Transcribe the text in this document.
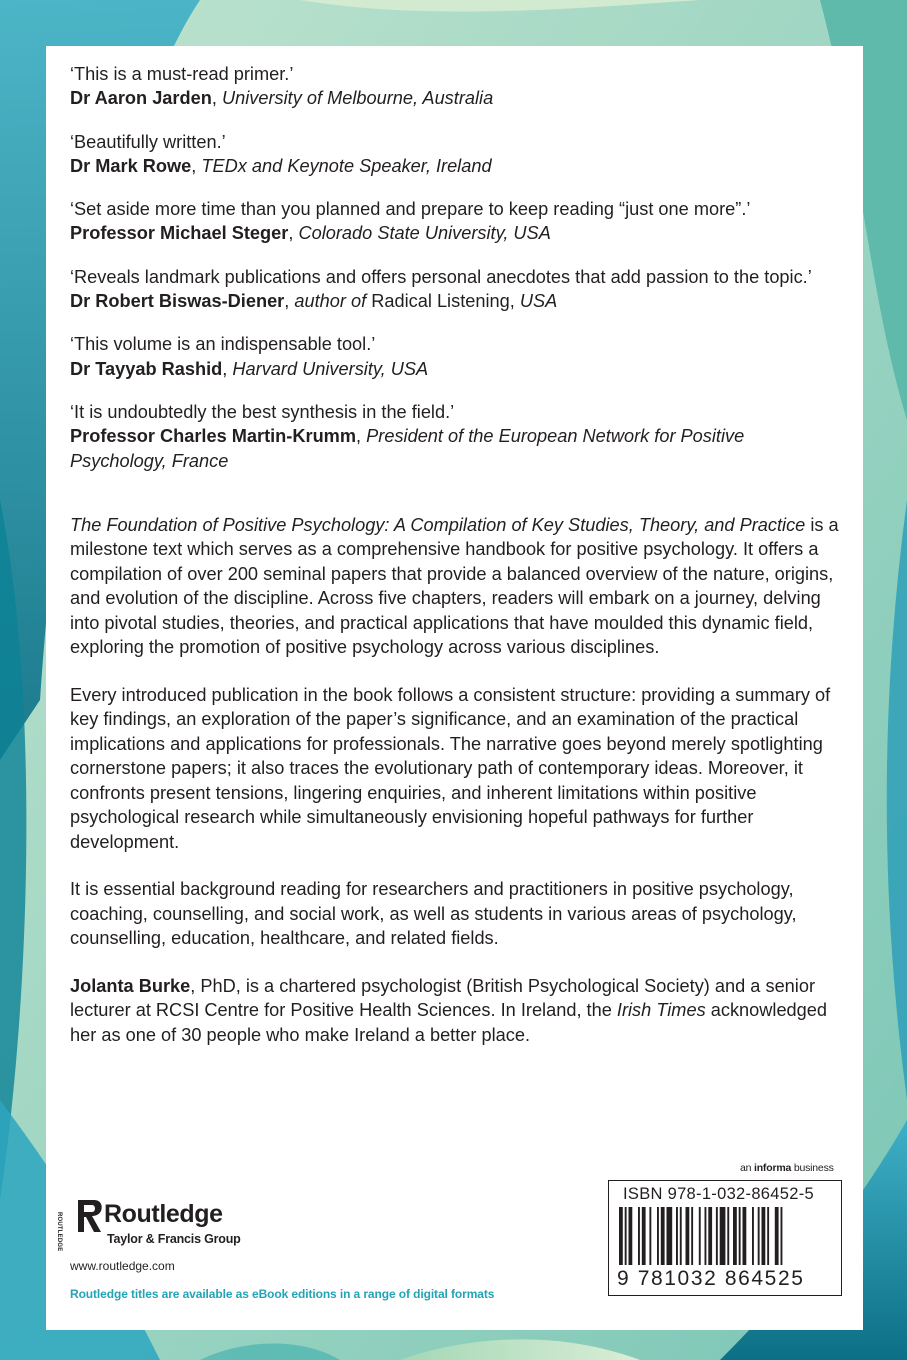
‘This is a must-read primer.’

Dr Aaron Jarden, University of Melbourne, Australia

‘Beautifully written.’

Dr Mark Rowe, TEDx and Keynote Speaker, Ireland

‘Set aside more time than you planned and prepare to keep reading “just one more”.’

Professor Michael Steger, Colorado State University, USA

‘Reveals landmark publications and offers personal anecdotes that add passion to the topic.’

Dr Robert Biswas-Diener, author of Radical Listening, USA

‘This volume is an indispensable tool.’

Dr Tayyab Rashid, Harvard University, USA

‘It is undoubtedly the best synthesis in the field.’

Professor Charles Martin-Krumm, President of the European Network for Positive Psychology, France

The Foundation of Positive Psychology: A Compilation of Key Studies, Theory, and Practice is a milestone text which serves as a comprehensive handbook for positive psychology. It offers a compilation of over 200 seminal papers that provide a balanced overview of the nature, origins, and evolution of the discipline. Across five chapters, readers will embark on a journey, delving into pivotal studies, theories, and practical applications that have moulded this dynamic field, exploring the promotion of positive psychology across various disciplines.

Every introduced publication in the book follows a consistent structure: providing a summary of key findings, an exploration of the paper’s significance, and an examination of the practical implications and applications for professionals. The narrative goes beyond merely spotlighting cornerstone papers; it also traces the evolutionary path of contemporary ideas. Moreover, it confronts present tensions, lingering enquiries, and inherent limitations within positive psychological research while simultaneously envisioning hopeful pathways for further development.

It is essential background reading for researchers and practitioners in positive psychology, coaching, counselling, and social work, as well as students in various areas of psychology, counselling, education, healthcare, and related fields.

Jolanta Burke, PhD, is a chartered psychologist (British Psychological Society) and a senior lecturer at RCSI Centre for Positive Health Sciences. In Ireland, the Irish Times acknowledged her as one of 30 people who make Ireland a better place.

an informa business
ISBN 978-1-032-86452-5
9 781032 864525
ROUTLEDGE Routledge
Taylor & Francis Group
www.routledge.com
Routledge titles are available as eBook editions in a range of digital formats
